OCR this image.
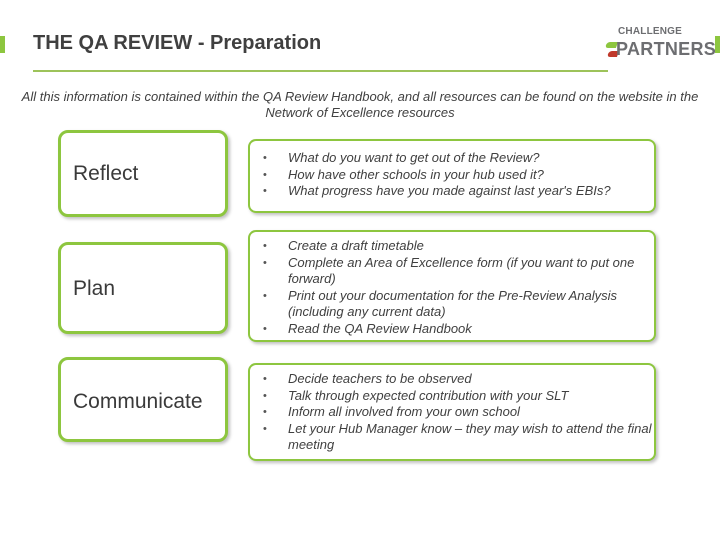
THE QA REVIEW - Preparation
CHALLENGE
PARTNERS
All this information is contained within the QA Review Handbook, and all resources can be found on the website in the Network of Excellence resources
Reflect
• What do you want to get out of the Review?
• How have other schools in your hub used it?
• What progress have you made against last year's EBIs?
Plan
• Create a draft timetable
• Complete an Area of Excellence form (if you want to put one forward)
• Print out your documentation for the Pre-Review Analysis (including any current data)
• Read the QA Review Handbook
Communicate
• Decide teachers to be observed
• Talk through expected contribution with your SLT
• Inform all involved from your own school
• Let your Hub Manager know – they may wish to attend the final meeting
